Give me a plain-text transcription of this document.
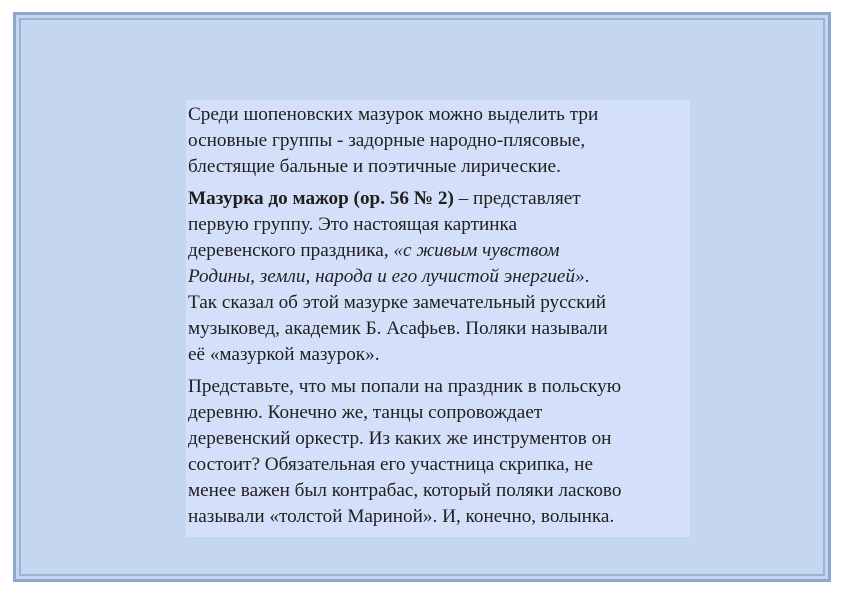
Среди шопеновских мазурок можно выделить три
основные группы - задорные народно-плясовые,
блестящие бальные и поэтичные лирические.

Мазурка до мажор (ор. 56 № 2) – представляет
первую группу. Это настоящая картинка
деревенского праздника, «с живым чувством
Родины, земли, народа и его лучистой энергией».
Так сказал об этой мазурке замечательный русский
музыковед, академик Б. Асафьев. Поляки называли
её «мазуркой мазурок».

Представьте, что мы попали на праздник в польскую
деревню. Конечно же, танцы сопровождает
деревенский оркестр. Из каких же инструментов он
состоит? Обязательная его участница скрипка, не
менее важен был контрабас, который поляки ласково
называли «толстой Мариной». И, конечно, волынка.
